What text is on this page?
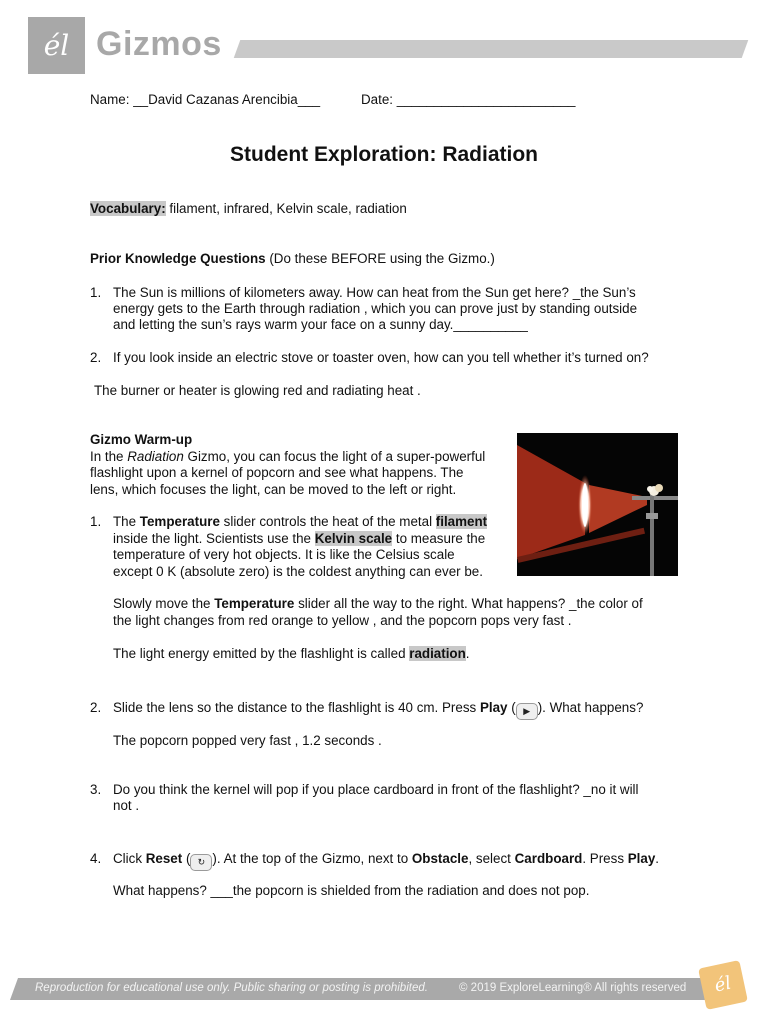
él Gizmos
Name: __David Cazanas Arencibia___	Date: ________________________
Student Exploration: Radiation
Vocabulary: filament, infrared, Kelvin scale, radiation
Prior Knowledge Questions (Do these BEFORE using the Gizmo.)
1. The Sun is millions of kilometers away. How can heat from the Sun get here? _the Sun’s
energy gets to the Earth through radiation , which you can prove just by standing outside
and letting the sun’s rays warm your face on a sunny day.__________
2. If you look inside an electric stove or toaster oven, how can you tell whether it’s turned on?
The burner or heater is glowing red and radiating heat .
Gizmo Warm-up
In the Radiation Gizmo, you can focus the light of a super-powerful
flashlight upon a kernel of popcorn and see what happens. The
lens, which focuses the light, can be moved to the left or right.
1. The Temperature slider controls the heat of the metal filament
inside the light. Scientists use the Kelvin scale to measure the
temperature of very hot objects. It is like the Celsius scale
except 0 K (absolute zero) is the coldest anything can ever be.
Slowly move the Temperature slider all the way to the right. What happens? _the color of
the light changes from red orange to yellow , and the popcorn pops very fast .
The light energy emitted by the flashlight is called radiation.
2. Slide the lens so the distance to the flashlight is 40 cm. Press Play ( ▶ ). What happens?
The popcorn popped very fast , 1.2 seconds .
3. Do you think the kernel will pop if you place cardboard in front of the flashlight? _no it will
not .
4. Click Reset ( ↻ ). At the top of the Gizmo, next to Obstacle, select Cardboard. Press Play.
What happens? ___the popcorn is shielded from the radiation and does not pop.
Reproduction for educational use only. Public sharing or posting is prohibited.	© 2019 ExploreLearning® All rights reserved	él
